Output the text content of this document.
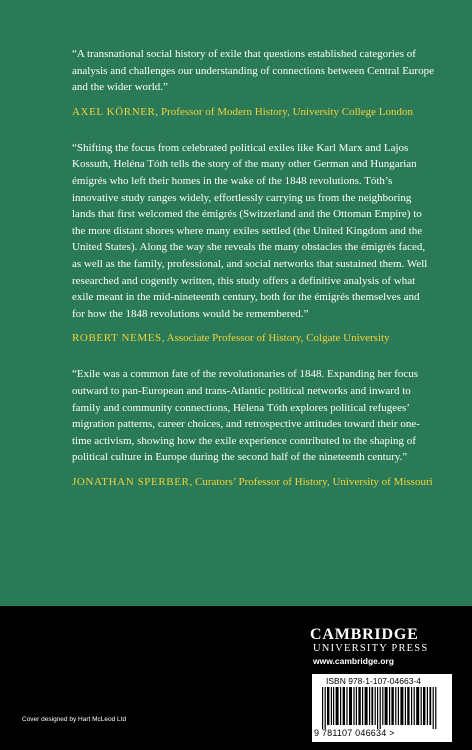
“A transnational social history of exile that questions established categories of analysis and challenges our understanding of connections between Central Europe and the wider world.”

AXEL KÖRNER, Professor of Modern History, University College London

“Shifting the focus from celebrated political exiles like Karl Marx and Lajos Kossuth, Heléna Tóth tells the story of the many other German and Hungarian émigrés who left their homes in the wake of the 1848 revolutions. Tóth’s innovative study ranges widely, effortlessly carrying us from the neighboring lands that first welcomed the émigrés (Switzerland and the Ottoman Empire) to the more distant shores where many exiles settled (the United Kingdom and the United States). Along the way she reveals the many obstacles the émigrés faced, as well as the family, professional, and social networks that sustained them. Well researched and cogently written, this study offers a definitive analysis of what exile meant in the mid-nineteenth century, both for the émigrés themselves and for how the 1848 revolutions would be remembered.”

ROBERT NEMES, Associate Professor of History, Colgate University

“Exile was a common fate of the revolutionaries of 1848. Expanding her focus outward to pan-European and trans-Atlantic political networks and inward to family and community connections, Hélena Tóth explores political refugees’ migration patterns, career choices, and retrospective attitudes toward their one-time activism, showing how the exile experience contributed to the shaping of political culture in Europe during the second half of the nineteenth century.”

JONATHAN SPERBER, Curators’ Professor of History, University of Missouri

CAMBRIDGE
UNIVERSITY PRESS
www.cambridge.org
ISBN 978-1-107-04663-4
9 781107 046634 >
Cover designed by Hart McLeod Ltd
